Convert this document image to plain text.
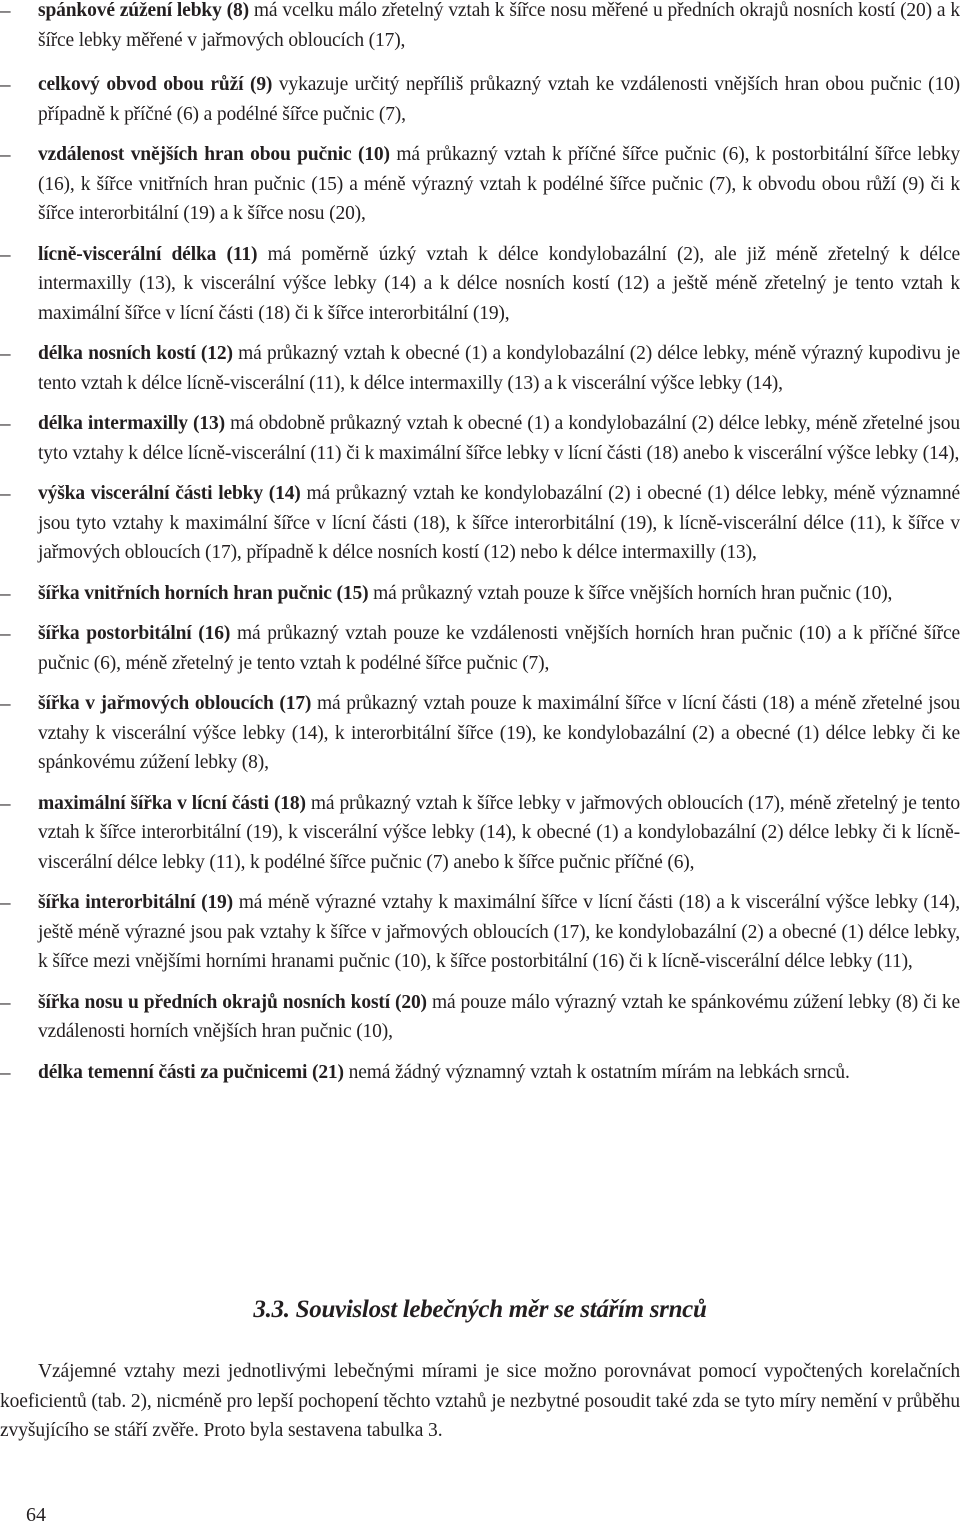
–
spánkové zúžení lebky (8) má vcelku málo zřetelný vztah k šířce nosu měřené u předních okrajů nosních kostí (20) a k šířce lebky měřené v jařmových obloucích (17),
–
celkový obvod obou růží (9) vykazuje určitý nepříliš průkazný vztah ke vzdálenosti vnějších hran obou pučnic (10) případně k příčné (6) a podélné šířce pučnic (7),
–
vzdálenost vnějších hran obou pučnic (10) má průkazný vztah k příčné šířce pučnic (6), k postorbitální šířce lebky (16), k šířce vnitřních hran pučnic (15) a méně výrazný vztah k podélné šířce pučnic (7), k obvodu obou růží (9) či k šířce interorbitální (19) a k šířce nosu (20),
–
lícně-viscerální délka (11) má poměrně úzký vztah k délce kondylobazální (2), ale již méně zřetelný k délce intermaxilly (13), k viscerální výšce lebky (14) a k délce nosních kostí (12) a ještě méně zřetelný je tento vztah k maximální šířce v lícní části (18) či k šířce interorbitální (19),
–
délka nosních kostí (12) má průkazný vztah k obecné (1) a kondylobazální (2) délce lebky, méně výrazný kupodivu je tento vztah k délce lícně-viscerální (11), k délce intermaxilly (13) a k viscerální výšce lebky (14),
–
délka intermaxilly (13) má obdobně průkazný vztah k obecné (1) a kondylobazální (2) délce lebky, méně zřetelné jsou tyto vztahy k délce lícně-viscerální (11) či k maximální šířce lebky v lícní části (18) anebo k viscerální výšce lebky (14),
–
výška viscerální části lebky (14) má průkazný vztah ke kondylobazální (2) i obecné (1) délce lebky, méně významné jsou tyto vztahy k maximální šířce v lícní části (18), k šířce interorbitální (19), k lícně-viscerální délce (11), k šířce v jařmových obloucích (17), případně k délce nosních kostí (12) nebo k délce intermaxilly (13),
–
šířka vnitřních horních hran pučnic (15) má průkazný vztah pouze k šířce vnějších horních hran pučnic (10),
–
šířka postorbitální (16) má průkazný vztah pouze ke vzdálenosti vnějších horních hran pučnic (10) a k příčné šířce pučnic (6), méně zřetelný je tento vztah k podélné šířce pučnic (7),
–
šířka v jařmových obloucích (17) má průkazný vztah pouze k maximální šířce v lícní části (18) a méně zřetelné jsou vztahy k viscerální výšce lebky (14), k interorbitální šířce (19), ke kondylobazální (2) a obecné (1) délce lebky či ke spánkovému zúžení lebky (8),
–
maximální šířka v lícní části (18) má průkazný vztah k šířce lebky v jařmových obloucích (17), méně zřetelný je tento vztah k šířce interorbitální (19), k viscerální výšce lebky (14), k obecné (1) a kondylobazální (2) délce lebky či k lícně-viscerální délce lebky (11), k podélné šířce pučnic (7) anebo k šířce pučnic příčné (6),
–
šířka interorbitální (19) má méně výrazné vztahy k maximální šířce v lícní části (18) a k viscerální výšce lebky (14), ještě méně výrazné jsou pak vztahy k šířce v jařmových obloucích (17), ke kondylobazální (2) a obecné (1) délce lebky, k šířce mezi vnějšími horními hranami pučnic (10), k šířce postorbitální (16) či k lícně-viscerální délce lebky (11),
–
šířka nosu u předních okrajů nosních kostí (20) má pouze málo výrazný vztah ke spánkovému zúžení lebky (8) či ke vzdálenosti horních vnějších hran pučnic (10),
–
délka temenní části za pučnicemi (21) nemá žádný významný vztah k ostatním mírám na lebkách srnců.
3.3. Souvislost lebečných měr se stářím srnců
Vzájemné vztahy mezi jednotlivými lebečnými mírami je sice možno porovnávat pomocí vypočtených korelačních koeficientů (tab. 2), nicméně pro lepší pochopení těchto vztahů je nezbytné posoudit také zda se tyto míry nemění v průběhu zvyšujícího se stáří zvěře. Proto byla sestavena tabulka 3.
64
